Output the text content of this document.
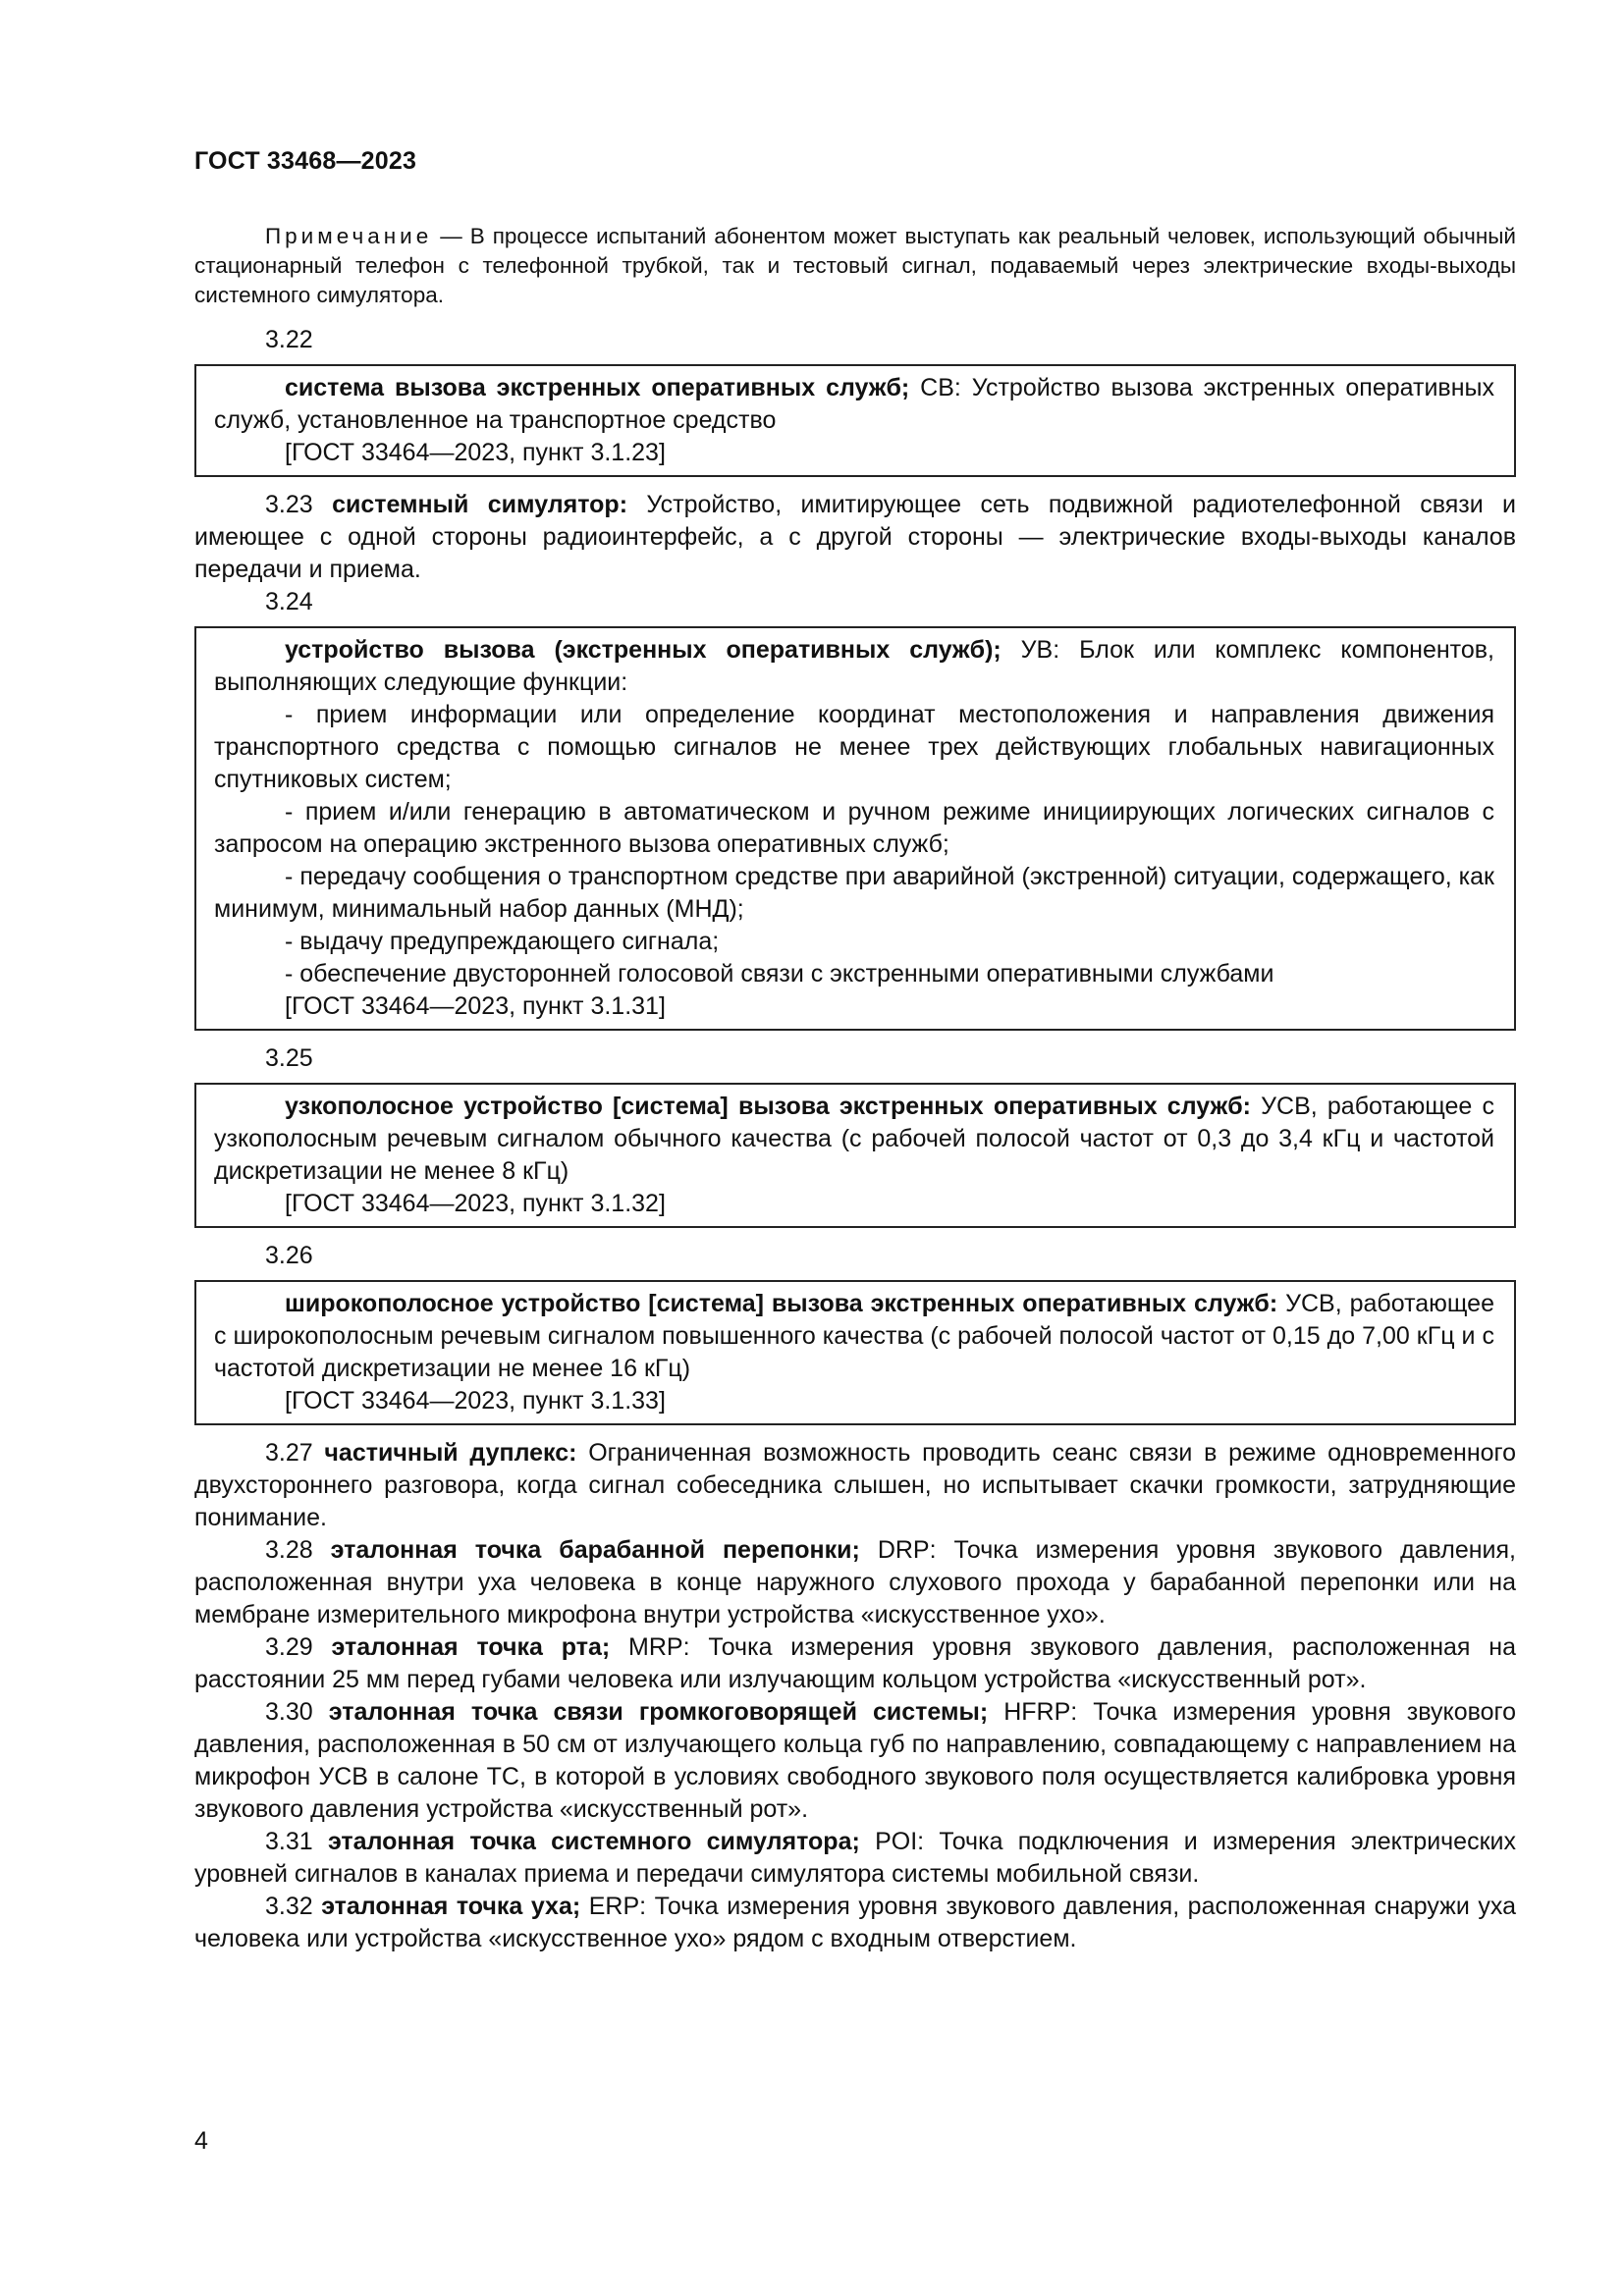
ГОСТ 33468—2023

Примечание — В процессе испытаний абонентом может выступать как реальный человек, использующий обычный стационарный телефон с телефонной трубкой, так и тестовый сигнал, подаваемый через электрические входы-выходы системного симулятора.

3.22

система вызова экстренных оперативных служб; СВ: Устройство вызова экстренных оперативных служб, установленное на транспортное средство

[ГОСТ 33464—2023, пункт 3.1.23]

3.23 системный симулятор: Устройство, имитирующее сеть подвижной радиотелефонной связи и имеющее с одной стороны радиоинтерфейс, а с другой стороны — электрические входы-выходы каналов передачи и приема.

3.24

устройство вызова (экстренных оперативных служб); УВ: Блок или комплекс компонентов, выполняющих следующие функции:

- прием информации или определение координат местоположения и направления движения транспортного средства с помощью сигналов не менее трех действующих глобальных навигационных спутниковых систем;

- прием и/или генерацию в автоматическом и ручном режиме инициирующих логических сигналов с запросом на операцию экстренного вызова оперативных служб;

- передачу сообщения о транспортном средстве при аварийной (экстренной) ситуации, содержащего, как минимум, минимальный набор данных (МНД);

- выдачу предупреждающего сигнала;

- обеспечение двусторонней голосовой связи с экстренными оперативными службами

[ГОСТ 33464—2023, пункт 3.1.31]

3.25

узкополосное устройство [система] вызова экстренных оперативных служб: УСВ, работающее с узкополосным речевым сигналом обычного качества (с рабочей полосой частот от 0,3 до 3,4 кГц и частотой дискретизации не менее 8 кГц)

[ГОСТ 33464—2023, пункт 3.1.32]

3.26

широкополосное устройство [система] вызова экстренных оперативных служб: УСВ, работающее с широкополосным речевым сигналом повышенного качества (с рабочей полосой частот от 0,15 до 7,00 кГц и с частотой дискретизации не менее 16 кГц)

[ГОСТ 33464—2023, пункт 3.1.33]

3.27 частичный дуплекс: Ограниченная возможность проводить сеанс связи в режиме одновременного двухстороннего разговора, когда сигнал собеседника слышен, но испытывает скачки громкости, затрудняющие понимание.

3.28 эталонная точка барабанной перепонки; DRP: Точка измерения уровня звукового давления, расположенная внутри уха человека в конце наружного слухового прохода у барабанной перепонки или на мембране измерительного микрофона внутри устройства «искусственное ухо».

3.29 эталонная точка рта; MRP: Точка измерения уровня звукового давления, расположенная на расстоянии 25 мм перед губами человека или излучающим кольцом устройства «искусственный рот».

3.30 эталонная точка связи громкоговорящей системы; HFRP: Точка измерения уровня звукового давления, расположенная в 50 см от излучающего кольца губ по направлению, совпадающему с направлением на микрофон УСВ в салоне ТС, в которой в условиях свободного звукового поля осуществляется калибровка уровня звукового давления устройства «искусственный рот».

3.31 эталонная точка системного симулятора; POI: Точка подключения и измерения электрических уровней сигналов в каналах приема и передачи симулятора системы мобильной связи.

3.32 эталонная точка уха; ERP: Точка измерения уровня звукового давления, расположенная снаружи уха человека или устройства «искусственное ухо» рядом с входным отверстием.

4
